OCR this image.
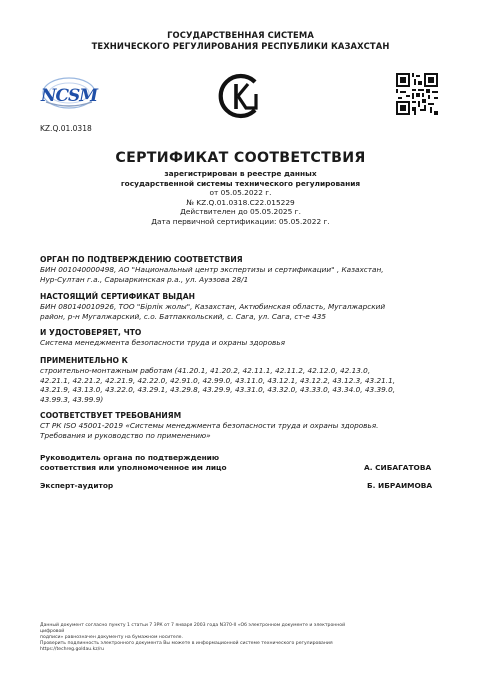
ГОСУДАРСТВЕННАЯ СИСТЕМА
ТЕХНИЧЕСКОГО РЕГУЛИРОВАНИЯ РЕСПУБЛИКИ КАЗАХСТАН
NCSM
KZ.Q.01.0318
СЕРТИФИКАТ СООТВЕТСТВИЯ
зарегистрирован в реестре данных
государственной системы технического регулирования
от 05.05.2022 г.
№ KZ.Q.01.0318.C22.015229
Действителен до 05.05.2025 г.
Дата первичной сертификации: 05.05.2022 г.
ОРГАН ПО ПОДТВЕРЖДЕНИЮ СООТВЕТСТВИЯ

БИН 001040000498, АО "Национальный центр экспертизы и сертификации" , Казахстан,

Нур-Султан г.а., Сарыаркинская р.а., ул. Ауэзова 28/1

НАСТОЯЩИЙ СЕРТИФИКАТ ВЫДАН

БИН 080140010926, ТОО "Бірлік жолы", Казахстан, Актюбинская область, Мугалжарский

район, р-н Мугалжарский, с.о. Батпаккольский, с. Сага, ул. Сага, ст-е 435

И УДОСТОВЕРЯЕТ, ЧТО

Система менеджмента безопасности труда и охраны здоровья

ПРИМЕНИТЕЛЬНО К

строительно-монтажным работам (41.20.1, 41.20.2, 42.11.1, 42.11.2, 42.12.0, 42.13.0,

42.21.1, 42.21.2, 42.21.9, 42.22.0, 42.91.0, 42.99.0, 43.11.0, 43.12.1, 43.12.2, 43.12.3, 43.21.1,

43.21.9, 43.13.0, 43.22.0, 43.29.1, 43.29.8, 43.29.9, 43.31.0, 43.32.0, 43.33.0, 43.34.0, 43.39.0,

43.99.3, 43.99.9)

СООТВЕТСТВУЕТ ТРЕБОВАНИЯМ

СТ РК ISO 45001-2019 «Системы менеджмента безопасности труда и охраны здоровья.

Требования и руководство по применению»

Руководитель органа по подтверждению
соответствия или уполномоченное им лицо	А. СИБАГАТОВА
Эксперт-аудитор	Б. ИБРАИМОВА
Данный документ согласно пункту 1 статьи 7 ЗРК от 7 января 2003 года N370-II «Об электронном документе и электронной цифровой
подписи» равнозначен документу на бумажном носителе.
Проверить подлинность электронного документа Вы можете в информационной системе технического регулирования
https://techreg.goldau.kz/ru
